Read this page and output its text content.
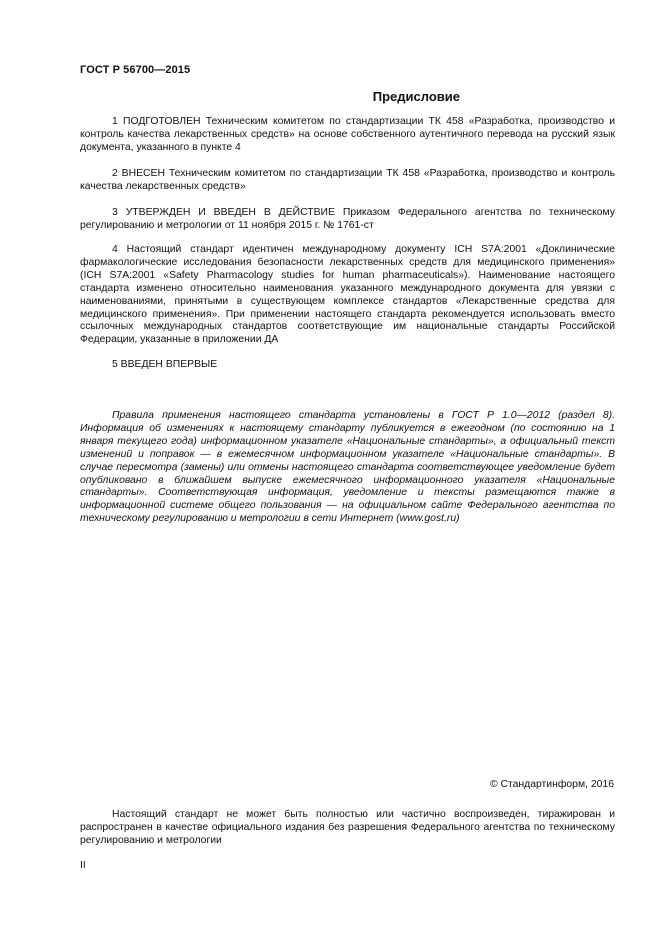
ГОСТ Р 56700—2015
Предисловие
1 ПОДГОТОВЛЕН Техническим комитетом по стандартизации ТК 458 «Разработка, производство и контроль качества лекарственных средств» на основе собственного аутентичного перевода на русский язык документа, указанного в пункте 4
2 ВНЕСЕН Техническим комитетом по стандартизации ТК 458 «Разработка, производство и контроль качества лекарственных средств»
3 УТВЕРЖДЕН И ВВЕДЕН В ДЕЙСТВИЕ Приказом Федерального агентства по техническому регулированию и метрологии от 11 ноября 2015 г. № 1761-ст
4 Настоящий стандарт идентичен международному документу ICH S7A:2001 «Доклинические фармакологические исследования безопасности лекарственных средств для медицинского применения» (ICH S7A:2001 «Safety Pharmacology studies for human pharmaceuticals»). Наименование настоящего стандарта изменено относительно наименования указанного международного документа для увязки с наименованиями, принятыми в существующем комплексе стандартов «Лекарственные средства для медицинского применения». При применении настоящего стандарта рекомендуется использовать вместо ссылочных международных стандартов соответствующие им национальные стандарты Российской Федерации, указанные в приложении ДА
5 ВВЕДЕН ВПЕРВЫЕ
Правила применения настоящего стандарта установлены в ГОСТ Р 1.0—2012 (раздел 8). Информация об изменениях к настоящему стандарту публикуется в ежегодном (по состоянию на 1 января текущего года) информационном указателе «Национальные стандарты», а официальный текст изменений и поправок — в ежемесячном информационном указателе «Национальные стандарты». В случае пересмотра (замены) или отмены настоящего стандарта соответствующее уведомление будет опубликовано в ближайшем выпуске ежемесячного информационного указателя «Национальные стандарты». Соответствующая информация, уведомление и тексты размещаются также в информационной системе общего пользования — на официальном сайте Федерального агентства по техническому регулированию и метрологии в сети Интернет (www.gost.ru)
© Стандартинформ, 2016
Настоящий стандарт не может быть полностью или частично воспроизведен, тиражирован и распространен в качестве официального издания без разрешения Федерального агентства по техническому регулированию и метрологии
II
